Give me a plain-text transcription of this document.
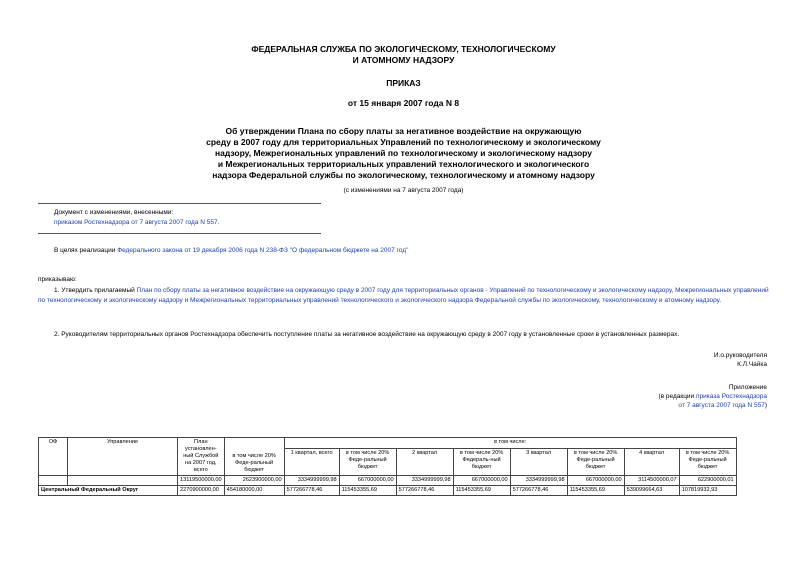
ФЕДЕРАЛЬНАЯ СЛУЖБА ПО ЭКОЛОГИЧЕСКОМУ, ТЕХНОЛОГИЧЕСКОМУ
И АТОМНОМУ НАДЗОРУ
ПРИКАЗ
от 15 января 2007 года N 8
Об утверждении Плана по сбору платы за негативное воздействие на окружающую
среду в 2007 году для территориальных Управлений по технологическому и экологическому
надзору, Межрегиональных управлений по технологическому и экологическому надзору
и Межрегиональных территориальных управлений технологического и экологического
надзора Федеральной службы по экологическому, технологическому и атомному надзору
(с изменениями на 7 августа 2007 года)
Документ с изменениями, внесенными:
приказом Ростехнадзора от 7 августа 2007 года N 557.
В целях реализации Федерального закона от 19 декабря 2006 года N 238-ФЗ "О федеральном бюджете на 2007 год"
приказываю:
1. Утвердить прилагаемый План по сбору платы за негативное воздействие на окружающую среду в 2007 году для территориальных органов - Управлений по технологическому и экологическому надзору, Межрегиональных управлений по технологическому и экологическому надзору и Межрегиональных территориальных управлений технологического и экологического надзора Федеральной службы по экологическому, технологическому и атомному надзору.
2. Руководителям территориальных органов Ростехнадзора обеспечить поступление платы за негативное воздействие на окружающую среду в 2007 году в установленные сроки в установленных размерах.
И.о.руководителя
К.Л.Чайка
Приложение
(в редакции приказа Ростехнадзора
от 7 августа 2007 года N 557)
ОФ	Управление	План установлен-ный Службой на 2007 год, всего	в том числе 20% Феде-ральный бюджет	в том числе:							
				1 квартал, всего	в том числе 20% Феде-ральный бюджет	2 квартал	в том числе 20% Федераль-ный бюджет	3 квартал	в том числе 20% Феде-ральный бюджет	4 квартал	в том числе 20% Феде-ральный бюджет
		13119500000,00	2623900000,00	3334999999,98	667000000,00	3334999999,98	667000000,00	3334999999,98	667000000,00	3114500000,07	622900000,01
Центральный Федеральный Округ		2270900000,00	454180000,00	577266778,46	115453355,69	577266778,46	115453355,69	577266778,46	115453355,69	539099664,63	107819932,93
